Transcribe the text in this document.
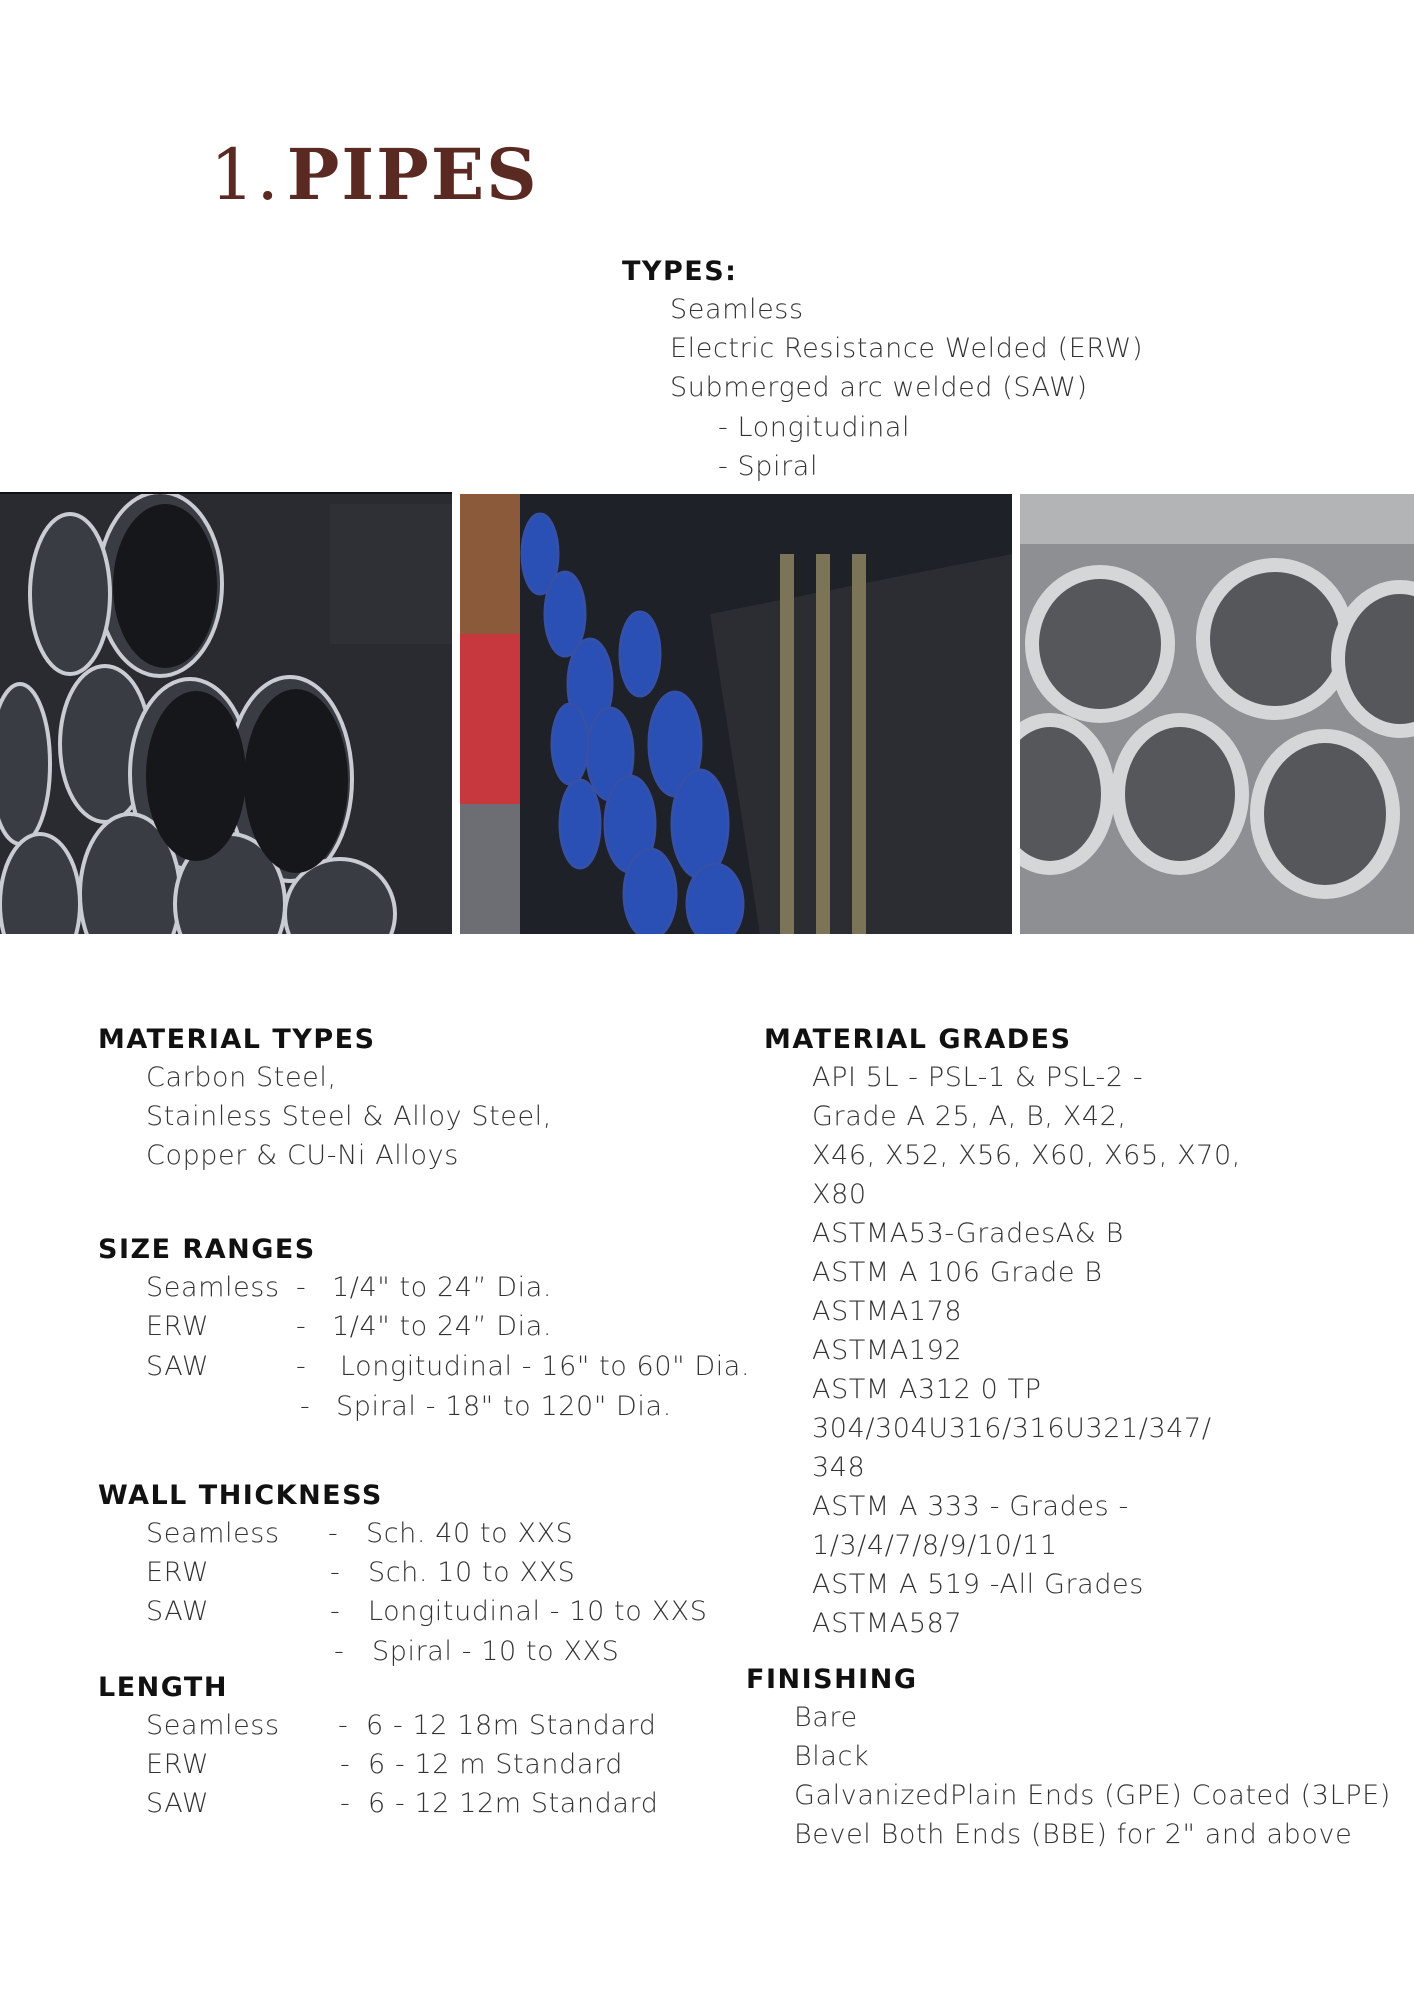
1.PIPES
TYPES:
Seamless
Electric Resistance Welded (ERW)
Submerged arc welded (SAW)
- Longitudinal
- Spiral
MATERIAL TYPES
Carbon Steel,
Stainless Steel & Alloy Steel,
Copper & CU-Ni Alloys
SIZE RANGES
Seamless - 1/4" to 24” Dia.
ERW	- 1/4" to 24” Dia.
SAW	- Longitudinal - 16" to 60" Dia.
- Spiral - 18" to 120" Dia.
WALL THICKNESS
Seamless - Sch. 40 to XXS
ERW	- Sch. 10 to XXS
SAW	- Longitudinal - 10 to XXS
- Spiral - 10 to XXS
LENGTH
Seamless - 6 - 12 18m Standard
ERW	- 6 - 12 m Standard
SAW	- 6 - 12 12m Standard
MATERIAL GRADES
API 5L - PSL-1 & PSL-2 -
Grade A 25, A, B, X42,
X46, X52, X56, X60, X65, X70,
X80
ASTMA53-GradesA& B
ASTM A 106 Grade B
ASTMA178
ASTMA192
ASTM A312 0 TP
304/304U316/316U321/347/
348
ASTM A 333 - Grades -
1/3/4/7/8/9/10/11
ASTM A 519 -All Grades
ASTMA587
FINISHING
Bare
Black
GalvanizedPlain Ends (GPE) Coated (3LPE)
Bevel Both Ends (BBE) for 2" and above
